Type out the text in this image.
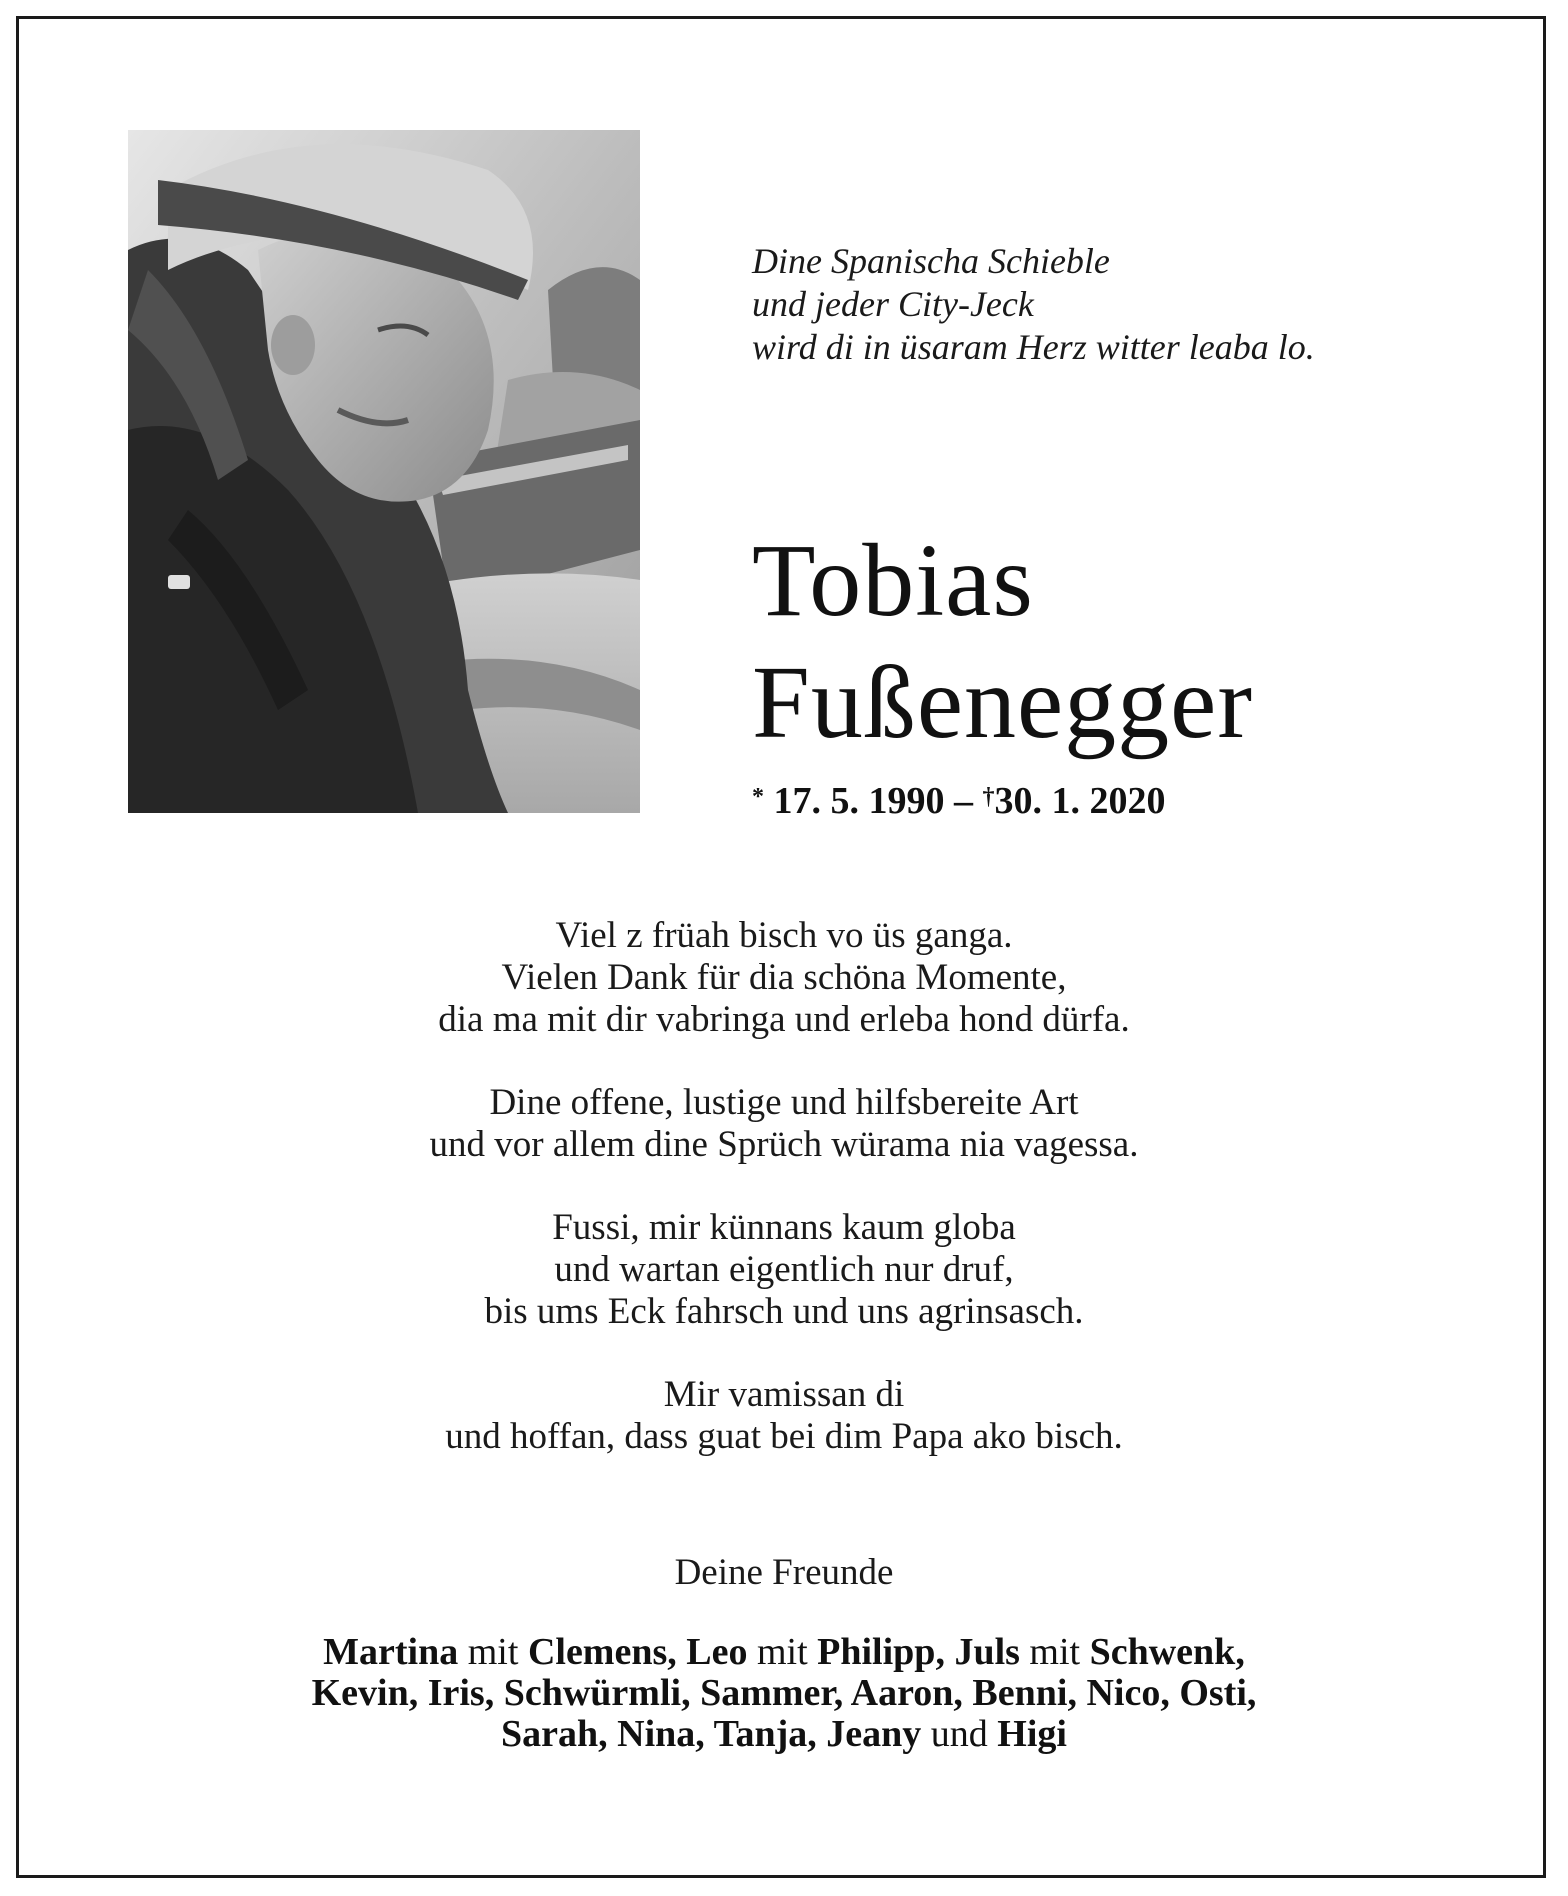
Dine Spanischa Schieble
und jeder City-Jeck
wird di in üsaram Herz witter leaba lo.
Tobias
Fußenegger
* 17. 5. 1990 – †30. 1. 2020
Viel z früah bisch vo üs ganga.
Vielen Dank für dia schöna Momente,
dia ma mit dir vabringa und erleba hond dürfa.
Dine offene, lustige und hilfsbereite Art
und vor allem dine Sprüch würama nia vagessa.
Fussi, mir künnans kaum globa
und wartan eigentlich nur druf,
bis ums Eck fahrsch und uns agrinsasch.
Mir vamissan di
und hoffan, dass guat bei dim Papa ako bisch.
Deine Freunde
Martina mit Clemens, Leo mit Philipp, Juls mit Schwenk,
Kevin, Iris, Schwürmli, Sammer, Aaron, Benni, Nico, Osti,
Sarah, Nina, Tanja, Jeany und Higi
